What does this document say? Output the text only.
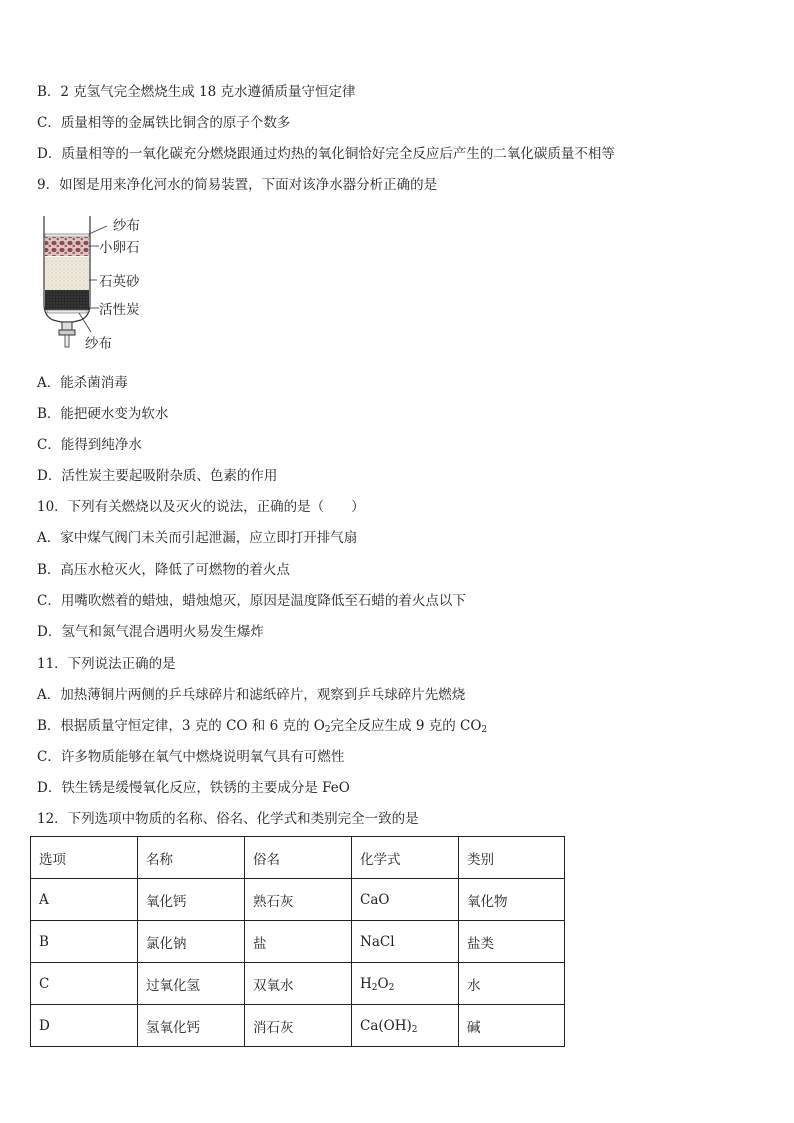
B．2 克氢气完全燃烧生成 18 克水遵循质量守恒定律
C．质量相等的金属铁比铜含的原子个数多
D．质量相等的一氧化碳充分燃烧跟通过灼热的氧化铜恰好完全反应后产生的二氧化碳质量不相等
9．如图是用来净化河水的简易装置，下面对该净水器分析正确的是
纱布
小卵石
石英砂
活性炭
纱布
A．能杀菌消毒
B．能把硬水变为软水
C．能得到纯净水
D．活性炭主要起吸附杂质、色素的作用
10．下列有关燃烧以及灭火的说法，正确的是（　　）
A．家中煤气阀门未关而引起泄漏，应立即打开排气扇
B．高压水枪灭火，降低了可燃物的着火点
C．用嘴吹燃着的蜡烛，蜡烛熄灭，原因是温度降低至石蜡的着火点以下
D．氢气和氮气混合遇明火易发生爆炸
11．下列说法正确的是
A．加热薄铜片两侧的乒乓球碎片和滤纸碎片，观察到乒乓球碎片先燃烧
B．根据质量守恒定律，3 克的 CO 和 6 克的 $O_2$完全反应生成 9 克的 $CO_2$
C．许多物质能够在氧气中燃烧说明氧气具有可燃性
D．铁生锈是缓慢氧化反应，铁锈的主要成分是 FeO
12．下列选项中物质的名称、俗名、化学式和类别完全一致的是
选项	名称	俗名	化学式	类别
A	氧化钙	熟石灰	CaO	氧化物
B	氯化钠	盐	NaCl	盐类
C	过氧化氢	双氧水	$H_2O_2$	水
D	氢氧化钙	消石灰	$Ca(OH)_2$	碱
